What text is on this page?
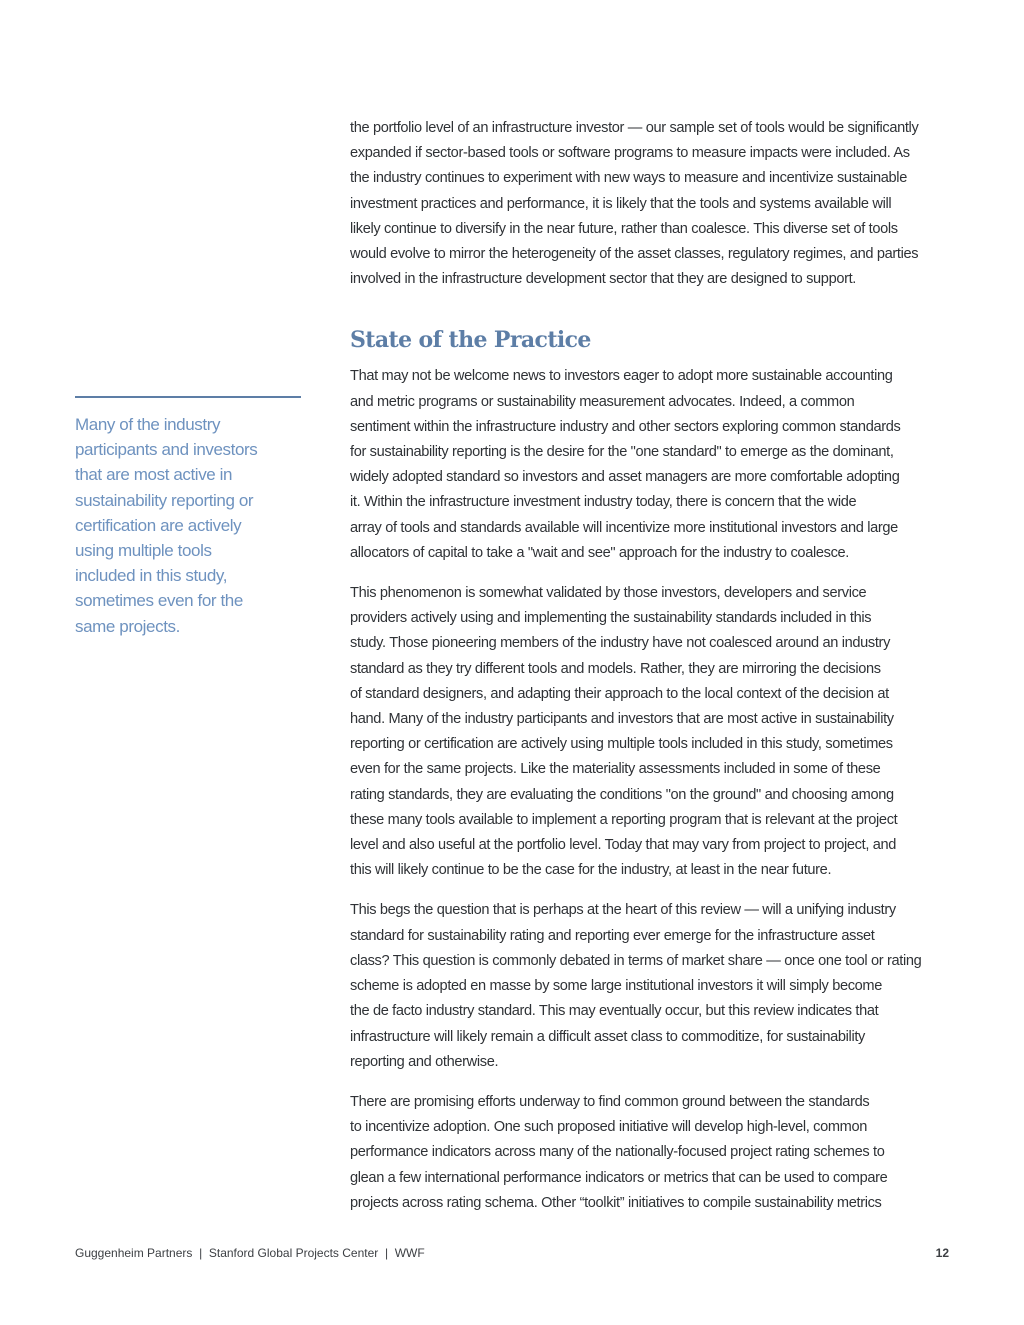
the portfolio level of an infrastructure investor — our sample set of tools would be significantly
expanded if sector-based tools or software programs to measure impacts were included. As
the industry continues to experiment with new ways to measure and incentivize sustainable
investment practices and performance, it is likely that the tools and systems available will
likely continue to diversify in the near future, rather than coalesce. This diverse set of tools
would evolve to mirror the heterogeneity of the asset classes, regulatory regimes, and parties
involved in the infrastructure development sector that they are designed to support.

State of the Practice

That may not be welcome news to investors eager to adopt more sustainable accounting
and metric programs or sustainability measurement advocates. Indeed, a common
sentiment within the infrastructure industry and other sectors exploring common standards
for sustainability reporting is the desire for the "one standard" to emerge as the dominant,
widely adopted standard so investors and asset managers are more comfortable adopting
it. Within the infrastructure investment industry today, there is concern that the wide
array of tools and standards available will incentivize more institutional investors and large
allocators of capital to take a "wait and see" approach for the industry to coalesce.

This phenomenon is somewhat validated by those investors, developers and service
providers actively using and implementing the sustainability standards included in this
study. Those pioneering members of the industry have not coalesced around an industry
standard as they try different tools and models. Rather, they are mirroring the decisions
of standard designers, and adapting their approach to the local context of the decision at
hand. Many of the industry participants and investors that are most active in sustainability
reporting or certification are actively using multiple tools included in this study, sometimes
even for the same projects. Like the materiality assessments included in some of these
rating standards, they are evaluating the conditions "on the ground" and choosing among
these many tools available to implement a reporting program that is relevant at the project
level and also useful at the portfolio level. Today that may vary from project to project, and
this will likely continue to be the case for the industry, at least in the near future.

This begs the question that is perhaps at the heart of this review — will a unifying industry
standard for sustainability rating and reporting ever emerge for the infrastructure asset
class? This question is commonly debated in terms of market share — once one tool or rating
scheme is adopted en masse by some large institutional investors it will simply become
the de facto industry standard. This may eventually occur, but this review indicates that
infrastructure will likely remain a difficult asset class to commoditize, for sustainability
reporting and otherwise.

There are promising efforts underway to find common ground between the standards
to incentivize adoption. One such proposed initiative will develop high-level, common
performance indicators across many of the nationally-focused project rating schemes to
glean a few international performance indicators or metrics that can be used to compare
projects across rating schema. Other “toolkit” initiatives to compile sustainability metrics

Many of the industry
participants and investors
that are most active in
sustainability reporting or
certification are actively
using multiple tools
included in this study,
sometimes even for the
same projects.
Guggenheim Partners  |  Stanford Global Projects Center  |  WWF	12
